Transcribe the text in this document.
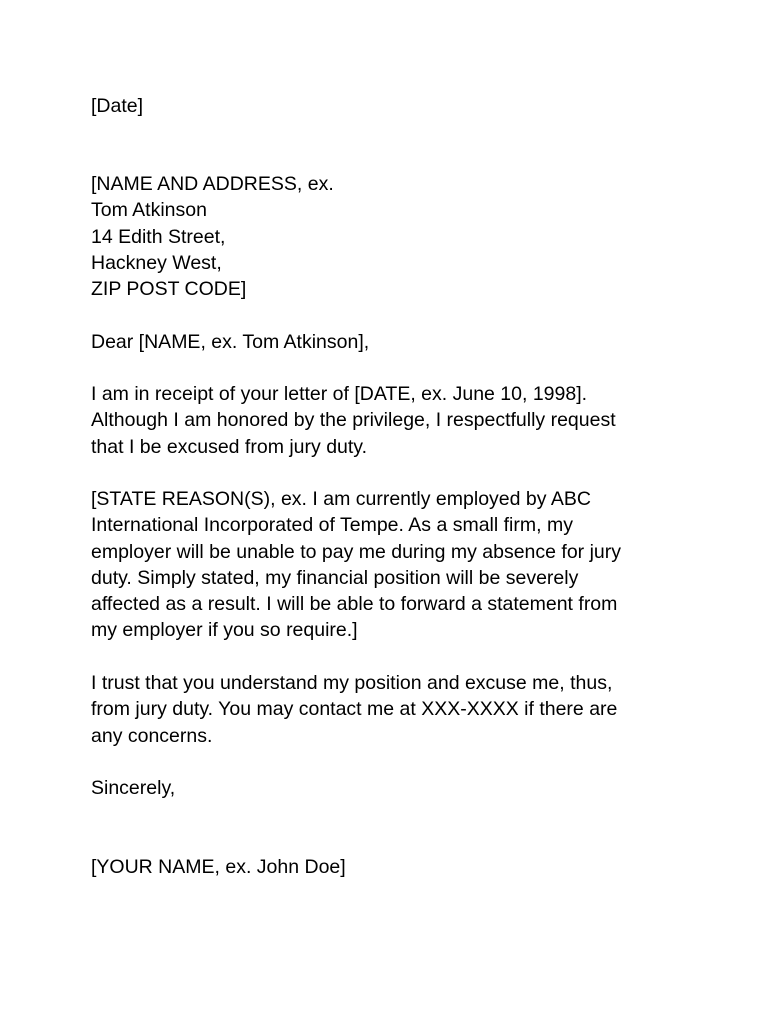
[Date]
[NAME AND ADDRESS, ex.
Tom Atkinson
14 Edith Street,
Hackney West,
ZIP POST CODE]
Dear [NAME, ex. Tom Atkinson],
I am in receipt of your letter of [DATE, ex. June 10, 1998].
Although I am honored by the privilege, I respectfully request
that I be excused from jury duty.
[STATE REASON(S), ex. I am currently employed by ABC
International Incorporated of Tempe. As a small firm, my
employer will be unable to pay me during my absence for jury
duty. Simply stated, my financial position will be severely
affected as a result. I will be able to forward a statement from
my employer if you so require.]
I trust that you understand my position and excuse me, thus,
from jury duty. You may contact me at XXX-XXXX if there are
any concerns.
Sincerely,
[YOUR NAME, ex. John Doe]
